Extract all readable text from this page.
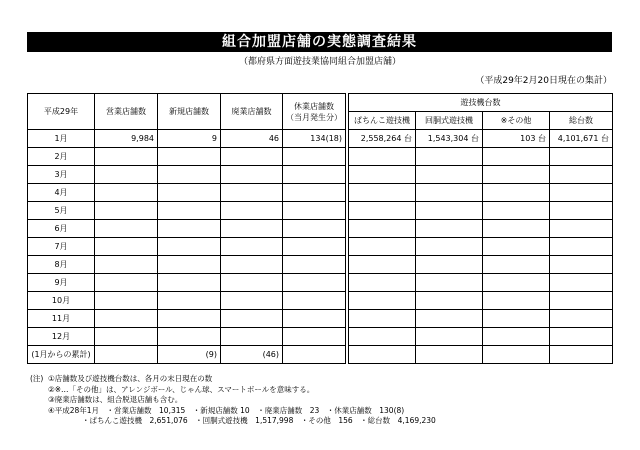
組合加盟店舗の実態調査結果
（都府県方面遊技業協同組合加盟店舗）
（平成29年2月20日現在の集計）
平成29年	営業店舗数	新規店舗数	廃業店舗数	休業店舗数
（当月発生分）		遊技機台数			
						ぱちんこ遊技機	回胴式遊技機	※その他	総台数
1月	9,984	9	46	134(18)		2,558,264 台	1,543,304 台	103 台	4,101,671 台

2月									
3月									
4月									
5月									
6月									
7月									
8月									
9月									
10月									
11月									
12月									
(1月からの累計)		(9)	(46)						
(注) ①店舗数及び遊技機台数は、各月の末日現在の数
②※…「その他」は、アレンジボール、じゃん球、スマートボールを意味する。
③廃業店舗数は、組合脱退店舗も含む。
④平成28年1月　・営業店舗数　10,315　・新規店舗数 10　・廃業店舗数　23　・休業店舗数　130(8)
・ぱちんこ遊技機　2,651,076　・回胴式遊技機　1,517,998　・その他　156　・総台数　4,169,230
